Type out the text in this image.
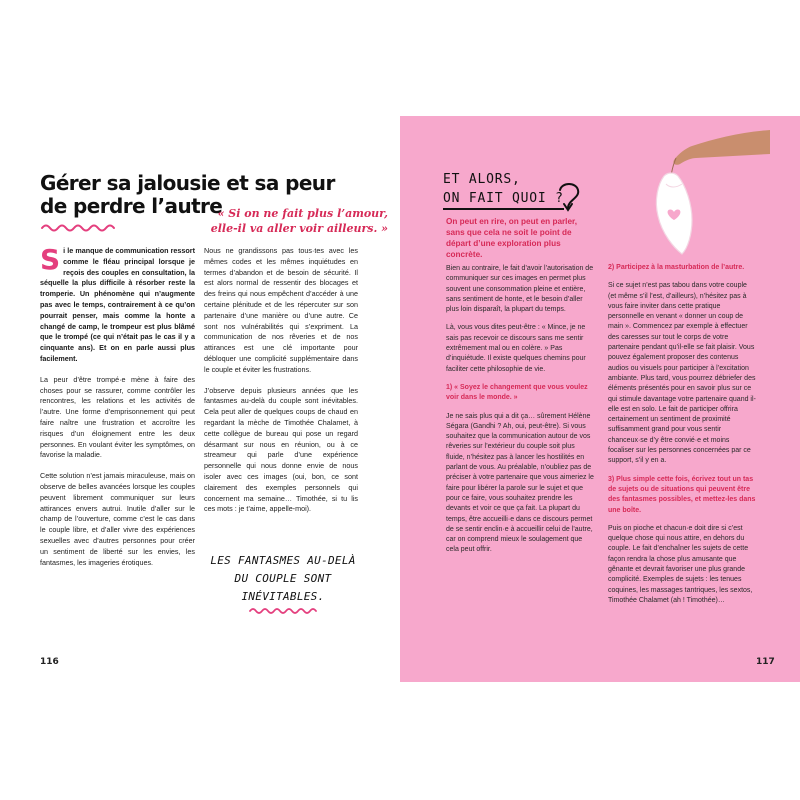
Gérer sa jalousie et sa peur de perdre l’autre

« Si on ne fait plus l’amour, elle-il va aller voir ailleurs. »

Si le manque de communication ressort comme le fléau principal lorsque je reçois des couples en consultation, la séquelle la plus difficile à résorber reste la tromperie. Un phénomène qui n’augmente pas avec le temps, contrairement à ce qu’on pourrait penser, mais comme la honte a changé de camp, le trompeur est plus blâmé que le trompé (ce qui n’était pas le cas il y a cinquante ans). Et on en parle aussi plus facilement.

La peur d’être trompé·e mène à faire des choses pour se rassurer, comme contrôler les rencontres, les relations et les activités de l’autre. Une forme d’emprisonnement qui peut faire naître une frustration et accroître les risques d’un éloignement entre les deux personnes. En voulant éviter les symptômes, on favorise la maladie.

Cette solution n’est jamais miraculeuse, mais on observe de belles avancées lorsque les couples peuvent librement communiquer sur leurs attirances envers autrui. Inutile d’aller sur le champ de l’ouverture, comme c’est le cas dans le couple libre, et d’aller vivre des expériences sexuelles avec d’autres personnes pour créer un sentiment de liberté sur les envies, les fantasmes, les imageries érotiques.

Nous ne grandissons pas tous·tes avec les mêmes codes et les mêmes inquiétudes en termes d’abandon et de besoin de sécurité. Il est alors normal de ressentir des blocages et des freins qui nous empêchent d’accéder à une certaine plénitude et de les répercuter sur son partenaire d’une manière ou d’une autre. Ce sont nos vulnérabilités qui s’expriment. La communication de nos rêveries et de nos attirances est une clé importante pour débloquer une complicité supplémentaire dans le couple et éviter les frustrations.

J’observe depuis plusieurs années que les fantasmes au-delà du couple sont inévitables. Cela peut aller de quelques coups de chaud en regardant la mèche de Timothée Chalamet, à cette collègue de bureau qui pose un regard désarmant sur nous en réunion, ou à ce streameur qui parle d’une expérience personnelle qui nous donne envie de nous isoler avec ces images (oui, bon, ce sont clairement des exemples personnels qui concernent ma semaine… Timothée, si tu lis ces mots : je t’aime, appelle-moi).

LES FANTASMES AU-DELÀ DU COUPLE SONT INÉVITABLES.

116
ET ALORS,
ON FAIT QUOI ?

On peut en rire, on peut en parler, sans que cela ne soit le point de départ d’une exploration plus concrète.

Bien au contraire, le fait d’avoir l’autorisation de communiquer sur ces images en permet plus souvent une consommation pleine et entière, sans sentiment de honte, et le besoin d’aller plus loin disparaît, la plupart du temps.

Là, vous vous dites peut-être : « Mince, je ne sais pas recevoir ce discours sans me sentir extrêmement mal ou en colère. » Pas d’inquiétude. Il existe quelques chemins pour faciliter cette philosophie de vie.

1) « Soyez le changement que vous voulez voir dans le monde. »

Je ne sais plus qui a dit ça… sûrement Hélène Ségara (Gandhi ? Ah, oui, peut-être). Si vous souhaitez que la communication autour de vos rêveries sur l’extérieur du couple soit plus fluide, n’hésitez pas à lancer les hostilités en parlant de vous. Au préalable, n’oubliez pas de préciser à votre partenaire que vous aimeriez le faire pour libérer la parole sur le sujet et que pour ce faire, vous souhaitez prendre les devants et voir ce que ça fait. La plupart du temps, être accueilli·e dans ce discours permet de se sentir enclin·e à accueillir celui de l’autre, car on comprend mieux le soulagement que cela peut offrir.

2) Participez à la masturbation de l’autre.

Si ce sujet n’est pas tabou dans votre couple (et même s’il l’est, d’ailleurs), n’hésitez pas à vous faire inviter dans cette pratique personnelle en venant « donner un coup de main ». Commencez par exemple à effectuer des caresses sur tout le corps de votre partenaire pendant qu’il-elle se fait plaisir. Vous pouvez également proposer des contenus audios ou visuels pour participer à l’excitation ambiante. Plus tard, vous pourrez débriefer des éléments présentés pour en savoir plus sur ce qui stimule davantage votre partenaire quand il-elle est en solo. Le fait de participer offrira certainement un sentiment de proximité suffisamment grand pour vous sentir chanceux·se d’y être convié·e et moins focaliser sur les personnes concernées par ce support, s’il y en a.

3) Plus simple cette fois, écrivez tout un tas de sujets ou de situations qui peuvent être des fantasmes possibles, et mettez-les dans une boîte.

Puis on pioche et chacun·e doit dire si c’est quelque chose qui nous attire, en dehors du couple. Le fait d’enchaîner les sujets de cette façon rendra la chose plus amusante que gênante et devrait favoriser une plus grande complicité. Exemples de sujets : les tenues coquines, les massages tantriques, les sextos, Timothée Chalamet (ah ! Timothée)…

117
